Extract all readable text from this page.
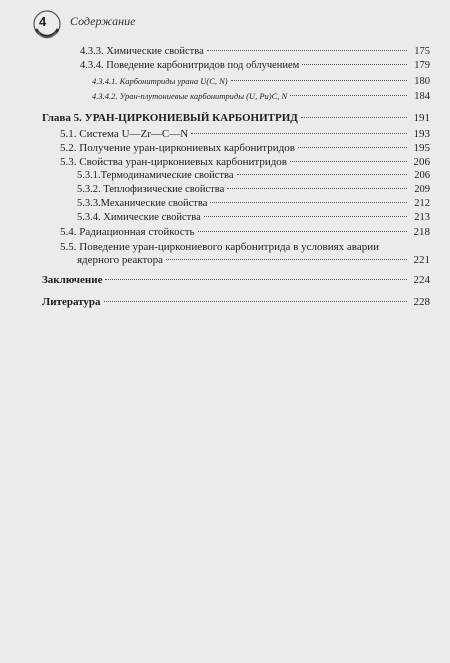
4 Содержание
4.3.3. Химические свойства	175
4.3.4. Поведение карбонитридов под облучением	179
4.3.4.1. Карбонитриды урана U(C, N)	180
4.3.4.2. Уран-плутониевые карбонитриды (U, Pu)C, N	184
Глава 5. УРАН-ЦИРКОНИЕВЫЙ КАРБОНИТРИД	191
5.1. Система U—Zr—C—N	193
5.2. Получение уран-циркониевых карбонитридов	195
5.3. Свойства уран-циркониевых карбонитридов	206
5.3.1.Термодинамические свойства	206
5.3.2. Теплофизические свойства	209
5.3.3.Механические свойства	212
5.3.4. Химические свойства	213
5.4. Радиационная стойкость	218
5.5. Поведение уран-циркониевого карбонитрида в условиях аварии
ядерного реактора	221
Заключение	224
Литература	228
